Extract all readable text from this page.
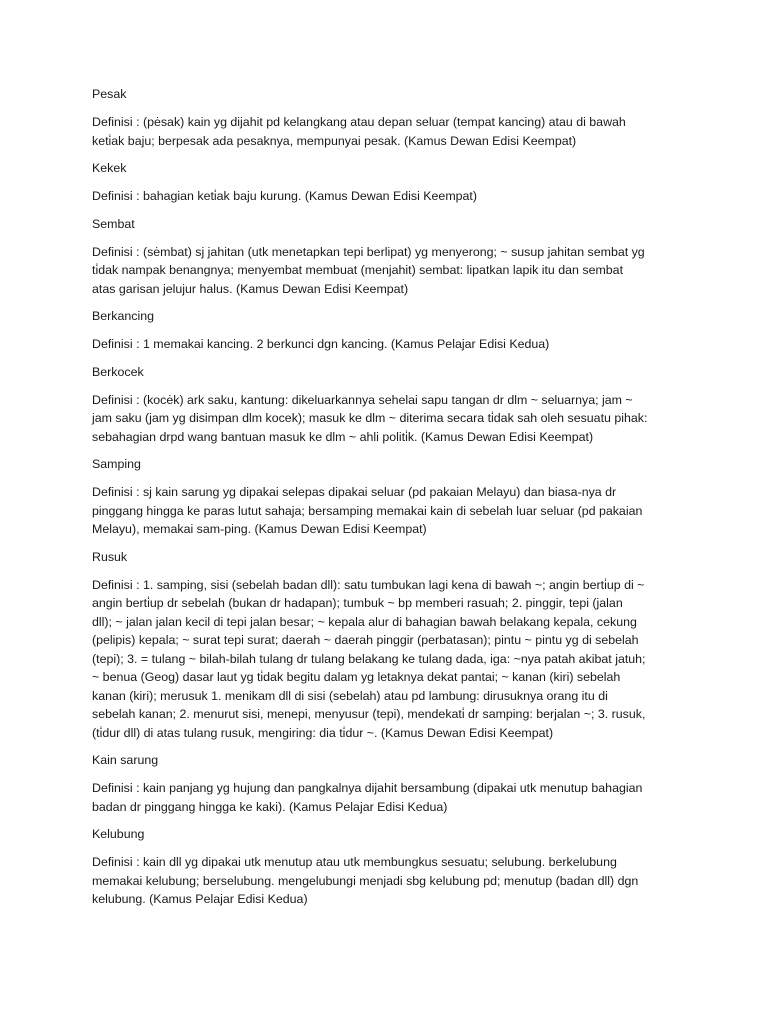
Pesak

Definisi : (pėsak) kain yg dijahit pd kelangkang atau depan seluar (tempat kancing) atau di bawah
keti̇ak baju; berpesak ada pesaknya, mempunyai pesak. (Kamus Dewan Edisi Keempat)

Kekek

Definisi : bahagian keti̇ak baju kurung. (Kamus Dewan Edisi Keempat)

Sembat

Definisi : (sėmbat) sj jahitan (utk menetapkan tepi berlipat) yg menyerong; ~ susup jahitan sembat yg
ti̇dak nampak benangnya; menyembat membuat (menjahit) sembat: lipatkan lapik itu dan sembat
atas garisan jelujur halus. (Kamus Dewan Edisi Keempat)

Berkancing

Definisi : 1 memakai kancing. 2 berkunci dgn kancing. (Kamus Pelajar Edisi Kedua)

Berkocek

Definisi : (kocėk) ark saku, kantung: dikeluarkannya sehelai sapu tangan dr dlm ~ seluarnya; jam ~
jam saku (jam yg disimpan dlm kocek); masuk ke dlm ~ diterima secara ti̇dak sah oleh sesuatu pihak:
sebahagian drpd wang bantuan masuk ke dlm ~ ahli politi̇k. (Kamus Dewan Edisi Keempat)

Samping

Definisi : sj kain sarung yg dipakai selepas dipakai seluar (pd pakaian Melayu) dan biasa-nya dr
pinggang hingga ke paras lutut sahaja; bersamping memakai kain di sebelah luar seluar (pd pakaian
Melayu), memakai sam-ping. (Kamus Dewan Edisi Keempat)

Rusuk

Definisi : 1. samping, sisi (sebelah badan dll): satu tumbukan lagi kena di bawah ~; angin berti̇up di ~
angin berti̇up dr sebelah (bukan dr hadapan); tumbuk ~ bp memberi rasuah; 2. pinggir, tepi (jalan
dll); ~ jalan jalan kecil di tepi jalan besar; ~ kepala alur di bahagian bawah belakang kepala, cekung
(pelipis) kepala; ~ surat tepi surat; daerah ~ daerah pinggir (perbatasan); pintu ~ pintu yg di sebelah
(tepi); 3. = tulang ~ bilah-bilah tulang dr tulang belakang ke tulang dada, iga: ~nya patah akibat jatuh;
~ benua (Geog) dasar laut yg ti̇dak begitu dalam yg letaknya dekat pantai; ~ kanan (kiri) sebelah
kanan (kiri); merusuk 1. menikam dll di sisi (sebelah) atau pd lambung: dirusuknya orang itu di
sebelah kanan; 2. menurut sisi, menepi, menyusur (tepi), mendekati̇ dr samping: berjalan ~; 3. rusuk,
(ti̇dur dll) di atas tulang rusuk, mengiring: dia ti̇dur ~. (Kamus Dewan Edisi Keempat)

Kain sarung

Definisi : kain panjang yg hujung dan pangkalnya dijahit bersambung (dipakai utk menutup bahagian
badan dr pinggang hingga ke kaki). (Kamus Pelajar Edisi Kedua)

Kelubung

Definisi : kain dll yg dipakai utk menutup atau utk membungkus sesuatu; selubung. berkelubung
memakai kelubung; berselubung. mengelubungi menjadi sbg kelubung pd; menutup (badan dll) dgn
kelubung. (Kamus Pelajar Edisi Kedua)
